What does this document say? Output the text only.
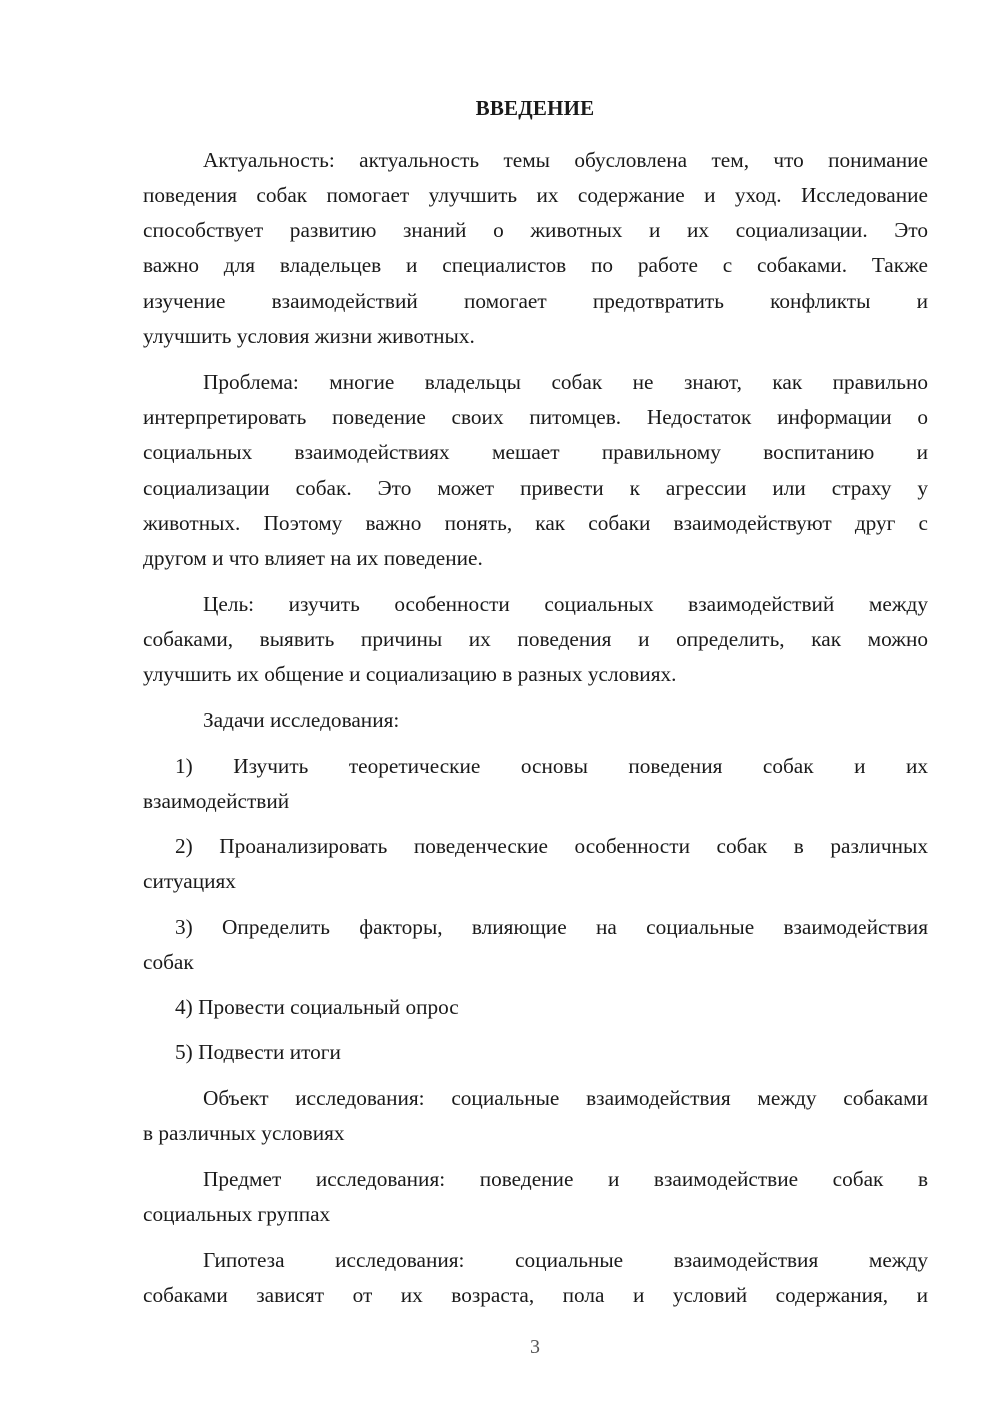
ВВЕДЕНИЕ
Актуальность: актуальность темы обусловлена тем, что понимание
поведения собак помогает улучшить их содержание и уход. Исследование
способствует развитию знаний о животных и их социализации. Это
важно для владельцев и специалистов по работе с собаками. Также
изучение взаимодействий помогает предотвратить конфликты и
улучшить условия жизни животных.
Проблема: многие владельцы собак не знают, как правильно
интерпретировать поведение своих питомцев. Недостаток информации о
социальных взаимодействиях мешает правильному воспитанию и
социализации собак. Это может привести к агрессии или страху у
животных. Поэтому важно понять, как собаки взаимодействуют друг с
другом и что влияет на их поведение.
Цель: изучить особенности социальных взаимодействий между
собаками, выявить причины их поведения и определить, как можно
улучшить их общение и социализацию в разных условиях.
Задачи исследования:
1) Изучить теоретические основы поведения собак и их
взаимодействий
2) Проанализировать поведенческие особенности собак в различных
ситуациях
3) Определить факторы, влияющие на социальные взаимодействия
собак
4) Провести социальный опрос
5) Подвести итоги
Объект исследования: социальные взаимодействия между собаками
в различных условиях
Предмет исследования: поведение и взаимодействие собак в
социальных группах
Гипотеза исследования: социальные взаимодействия между
собаками зависят от их возраста, пола и условий содержания, и
3
